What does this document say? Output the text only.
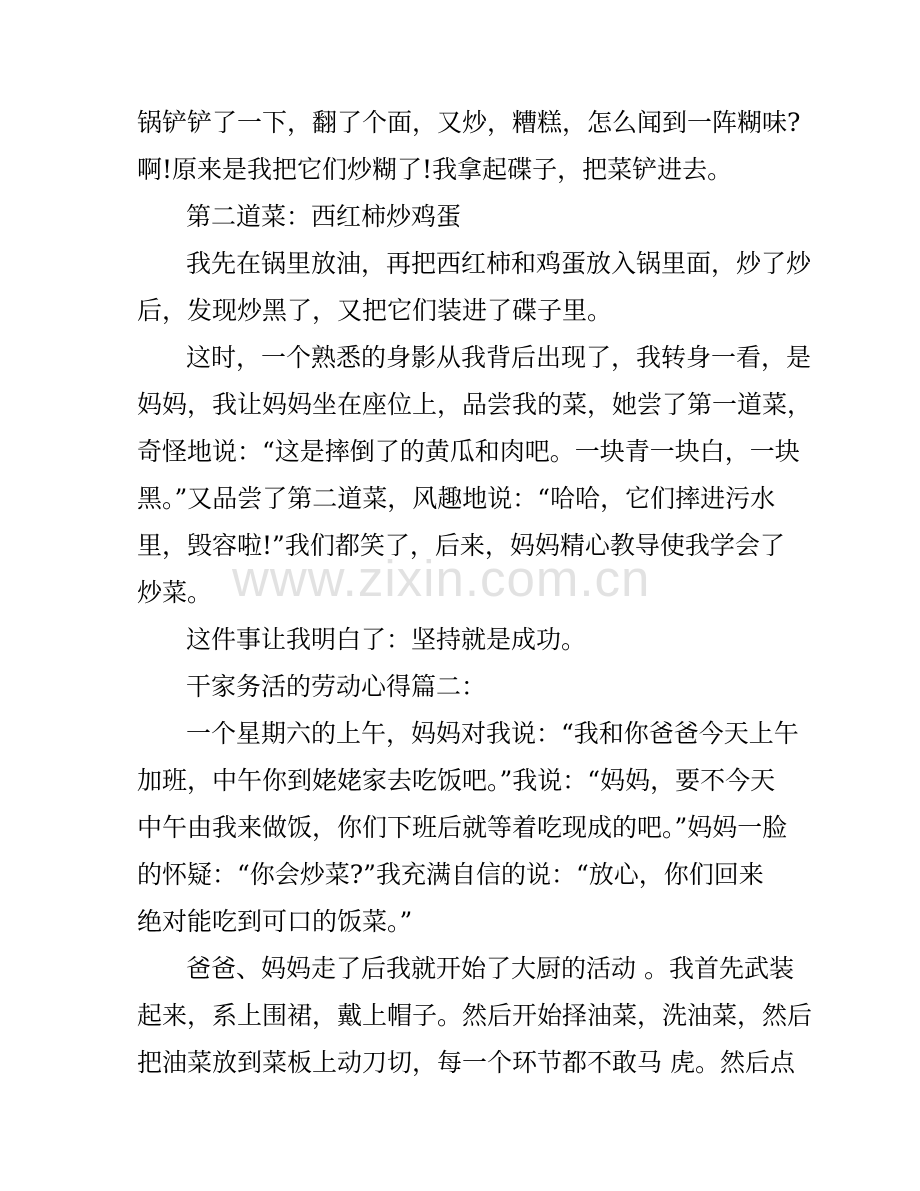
锅铲铲了一下，翻了个面，又炒，糟糕，怎么闻到一阵糊味?
啊!原来是我把它们炒糊了!我拿起碟子，把菜铲进去。
第二道菜：西红柿炒鸡蛋
我先在锅里放油，再把西红柿和鸡蛋放入锅里面，炒了炒
后，发现炒黑了，又把它们装进了碟子里。
这时，一个熟悉的身影从我背后出现了，我转身一看，是
妈妈，我让妈妈坐在座位上，品尝我的菜，她尝了第一道菜，
奇怪地说：“这是摔倒了的黄瓜和肉吧。一块青一块白，一块
黑。”又品尝了第二道菜，风趣地说：“哈哈，它们摔进污水
里，毁容啦!”我们都笑了，后来，妈妈精心教导使我学会了
炒菜。
这件事让我明白了：坚持就是成功。
干家务活的劳动心得篇二：
一个星期六的上午，妈妈对我说：“我和你爸爸今天上午
加班，中午你到姥姥家去吃饭吧。”我说：“妈妈，要不今天
中午由我来做饭，你们下班后就等着吃现成的吧。”妈妈一脸
的怀疑：“你会炒菜?”我充满自信的说：“放心，你们回来
绝对能吃到可口的饭菜。”
爸爸、妈妈走了后我就开始了大厨的活动 。我首先武装
起来，系上围裙，戴上帽子。然后开始择油菜，洗油菜，然后
把油菜放到菜板上动刀切，每一个环节都不敢马 虎。然后点
www.zixin.com.cn
